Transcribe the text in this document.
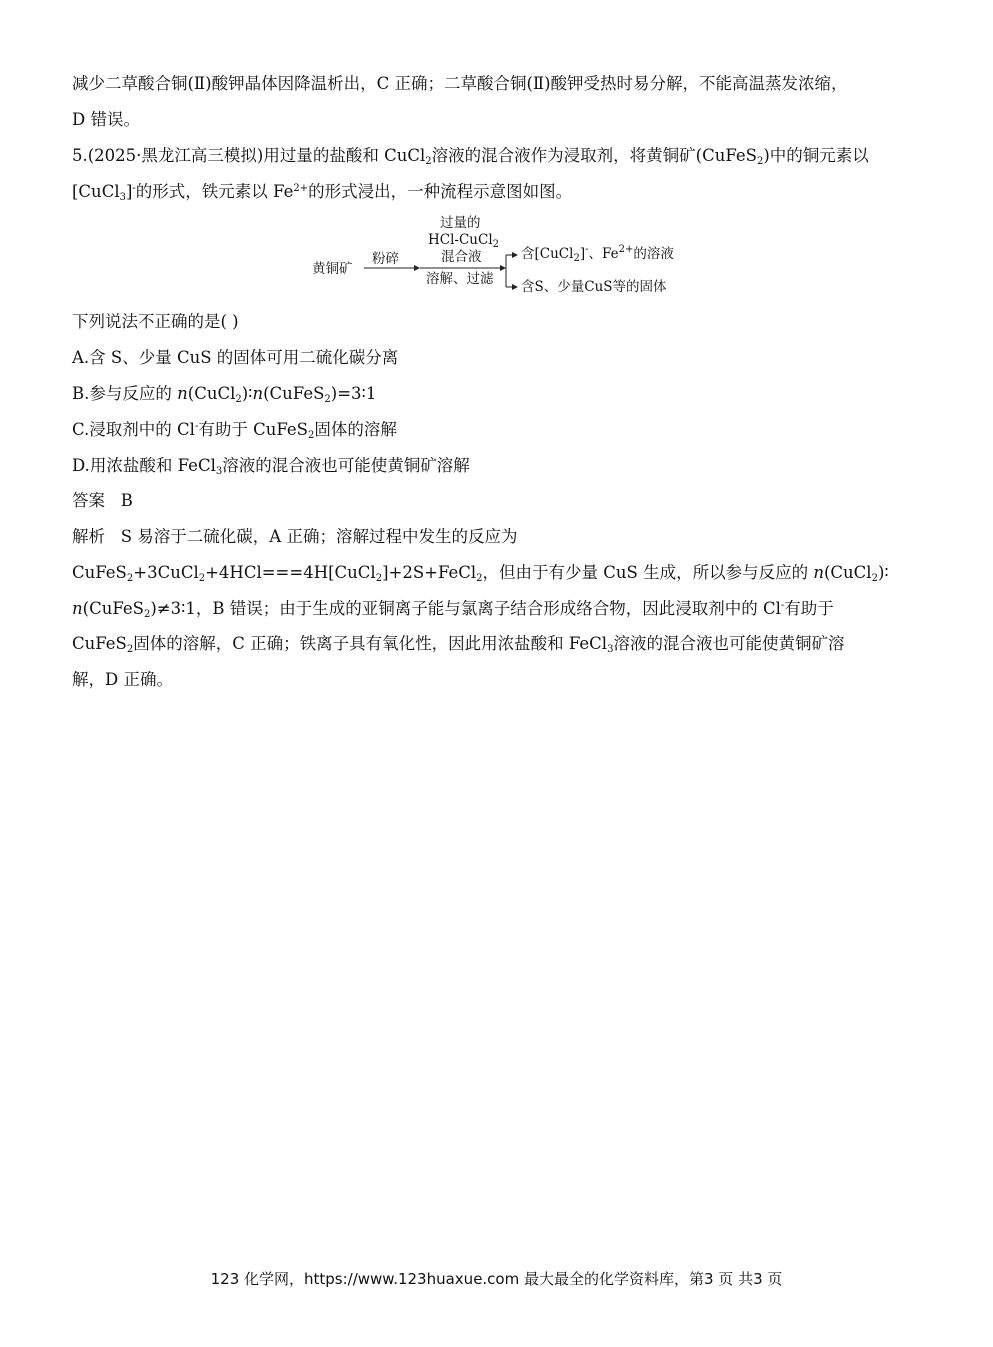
减少二草酸合铜(Ⅱ)酸钾晶体因降温析出，C 正确；二草酸合铜(Ⅱ)酸钾受热时易分解，不能高温蒸发浓缩，
D 错误。
5.(2025·黑龙江高三模拟)用过量的盐酸和 CuCl$_2$溶液的混合液作为浸取剂，将黄铜矿(CuFeS$_2$)中的铜元素以
[CuCl$_3$]-的形式，铁元素以 $Fe^{2+}$的形式浸出，一种流程示意图如图。
黄铜矿
粉碎
过量的
HCl-CuCl$_2$
混合液
溶解、过滤
含[CuCl$_2$]-、$Fe^{2+}$的溶液
含S、少量CuS等的固体
下列说法不正确的是( )
A.含 S、少量 CuS 的固体可用二硫化碳分离
B.参与反应的 n(CuCl$_2$)∶n(CuFeS$_2$)=3∶1
C.浸取剂中的 Cl-有助于 CuFeS$_2$固体的溶解
D.用浓盐酸和 FeCl$_3$溶液的混合液也可能使黄铜矿溶解
答案 B
解析 S 易溶于二硫化碳，A 正确；溶解过程中发生的反应为
CuFeS$_2$+3CuCl$_2$+4HCl===4H[CuCl$_2$]+2S+FeCl$_2$，但由于有少量 CuS 生成，所以参与反应的 n(CuCl$_2$)∶
n(CuFeS$_2$)≠3∶1，B 错误；由于生成的亚铜离子能与氯离子结合形成络合物，因此浸取剂中的 Cl-有助于
CuFeS$_2$固体的溶解，C 正确；铁离子具有氧化性，因此用浓盐酸和 FeCl$_3$溶液的混合液也可能使黄铜矿溶
解，D 正确。
123 化学网，https://www.123huaxue.com 最大最全的化学资料库，第3 页 共3 页
